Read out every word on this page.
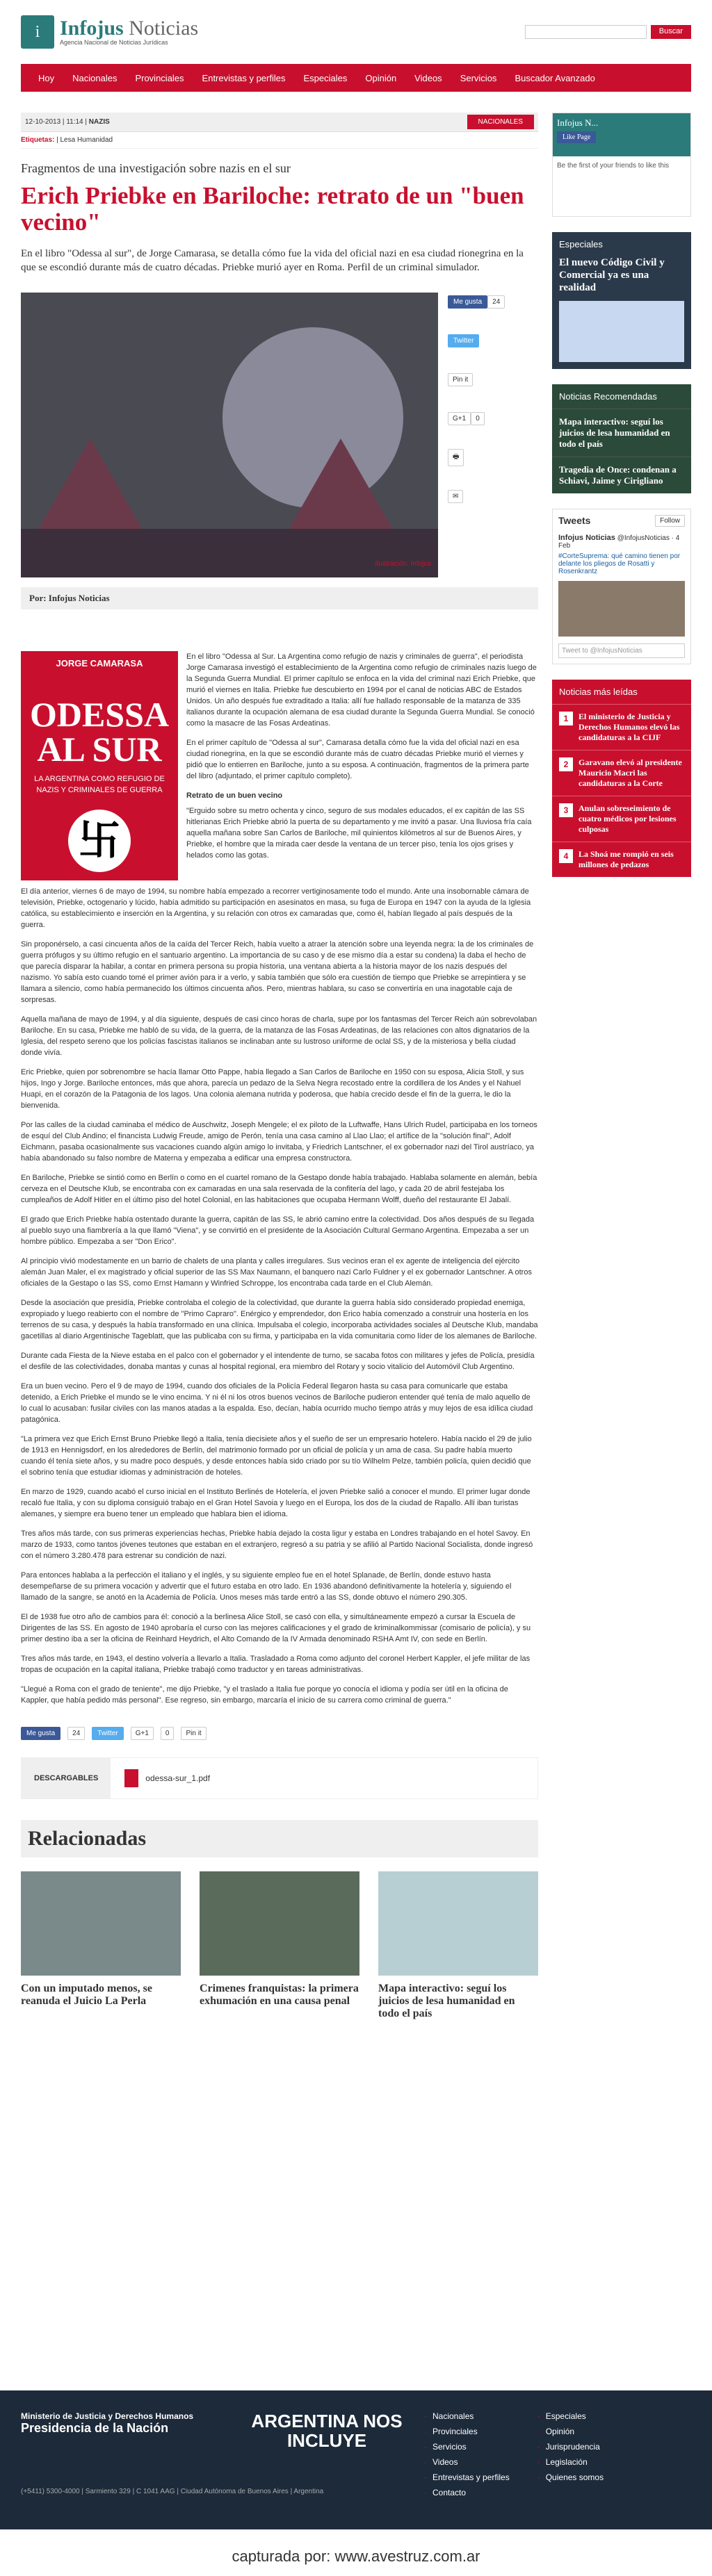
i Infojus Noticias
Agencia Nacional de Noticias Jurídicas
Buscar
Hoy Nacionales Provinciales Entrevistas y perfiles Especiales Opinión Videos Servicios Buscador Avanzado
12-10-2013 | 11:14 | NAZIS	NACIONALES
Etiquetas: | Lesa Humanidad
Fragmentos de una investigación sobre nazis en el sur
Erich Priebke en Bariloche: retrato de un "buen vecino"
En el libro "Odessa al sur", de Jorge Camarasa, se detalla cómo fue la vida del oficial nazi en esa ciudad rionegrina en la que se escondió durante más de cuatro décadas. Priebke murió ayer en Roma. Perfil de un criminal simulador.
Ilustración: Infojus
Me gusta	24
Twitter
Pin it
G+1	0
🖶
✉
Por: Infojus Noticias
JORGE CAMARASA
ODESSA AL SUR
LA ARGENTINA COMO REFUGIO DE NAZIS Y CRIMINALES DE GUERRA
卐

En el libro "Odessa al Sur. La Argentina como refugio de nazis y criminales de guerra", el periodista Jorge Camarasa investigó el establecimiento de la Argentina como refugio de criminales nazis luego de la Segunda Guerra Mundial. El primer capítulo se enfoca en la vida del criminal nazi Erich Priebke, que murió el viernes en Italia. Priebke fue descubierto en 1994 por el canal de noticias ABC de Estados Unidos. Un año después fue extraditado a Italia: allí fue hallado responsable de la matanza de 335 italianos durante la ocupación alemana de esa ciudad durante la Segunda Guerra Mundial. Se conoció como la masacre de las Fosas Ardeatinas.

En el primer capítulo de "Odessa al sur", Camarasa detalla cómo fue la vida del oficial nazi en esa ciudad rionegrina, en la que se escondió durante más de cuatro décadas Priebke murió el viernes y pidió que lo entierren en Bariloche, junto a su esposa. A continuación, fragmentos de la primera parte del libro (adjuntado, el primer capítulo completo).

Retrato de un buen vecino

"Erguido sobre su metro ochenta y cinco, seguro de sus modales educados, el ex capitán de las SS hitlerianas Erich Priebke abrió la puerta de su departamento y me invitó a pasar. Una lluviosa fría caía aquella mañana sobre San Carlos de Bariloche, mil quinientos kilómetros al sur de Buenos Aires, y Priebke, el hombre que la mirada caer desde la ventana de un tercer piso, tenía los ojos grises y helados como las gotas.

El día anterior, viernes 6 de mayo de 1994, su nombre había empezado a recorrer vertiginosamente todo el mundo. Ante una insobornable cámara de televisión, Priebke, octogenario y lúcido, había admitido su participación en asesinatos en masa, su fuga de Europa en 1947 con la ayuda de la Iglesia católica, su establecimiento e inserción en la Argentina, y su relación con otros ex camaradas que, como él, habían llegado al país después de la guerra.

Sin proponérselo, a casi cincuenta años de la caída del Tercer Reich, había vuelto a atraer la atención sobre una leyenda negra: la de los criminales de guerra prófugos y su último refugio en el santuario argentino. La importancia de su caso y de ese mismo día a estar su condena) la daba el hecho de que parecía disparar la habilar, a contar en primera persona su propia historia, una ventana abierta a la historia mayor de los nazis después del nazismo. Yo sabía esto cuando tomé el primer avión para ir a verlo, y sabía también que sólo era cuestión de tiempo que Priebke se arrepintiera y se llamara a silencio, como había permanecido los últimos cincuenta años. Pero, mientras hablara, su caso se convertiría en una inagotable caja de sorpresas.

Aquella mañana de mayo de 1994, y al día siguiente, después de casi cinco horas de charla, supe por los fantasmas del Tercer Reich aún sobrevolaban Bariloche. En su casa, Priebke me habló de su vida, de la guerra, de la matanza de las Fosas Ardeatinas, de las relaciones con altos dignatarios de la Iglesia, del respeto sereno que los policías fascistas italianos se inclinaban ante su lustroso uniforme de oclal SS, y de la misteriosa y bella ciudad donde vivía.

Eric Priebke, quien por sobrenombre se hacía llamar Otto Pappe, había llegado a San Carlos de Bariloche en 1950 con su esposa, Alicia Stoll, y sus hijos, Ingo y Jorge. Bariloche entonces, más que ahora, parecía un pedazo de la Selva Negra recostado entre la cordillera de los Andes y el Nahuel Huapi, en el corazón de la Patagonia de los lagos. Una colonia alemana nutrida y poderosa, que había crecido desde el fin de la guerra, le dio la bienvenida.

Por las calles de la ciudad caminaba el médico de Auschwitz, Joseph Mengele; el ex piloto de la Luftwaffe, Hans Ulrich Rudel, participaba en los torneos de esquí del Club Andino; el financista Ludwig Freude, amigo de Perón, tenía una casa camino al Llao Llao; el artífice de la "solución final", Adolf Eichmann, pasaba ocasionalmente sus vacaciones cuando algún amigo lo invitaba, y Friedrich Lantschner, el ex gobernador nazi del Tirol austríaco, ya había abandonado su falso nombre de Materna y empezaba a edificar una empresa constructora.

En Bariloche, Priebke se sintió como en Berlín o como en el cuartel romano de la Gestapo donde había trabajado. Hablaba solamente en alemán, bebía cerveza en el Deutsche Klub, se encontraba con ex camaradas en una sala reservada de la confitería del lago, y cada 20 de abril festejaba los cumpleaños de Adolf Hitler en el último piso del hotel Colonial, en las habitaciones que ocupaba Hermann Wolff, dueño del restaurante El Jabalí.

El grado que Erich Priebke había ostentado durante la guerra, capitán de las SS, le abrió camino entre la colectividad. Dos años después de su llegada al pueblo suyo una fiambrería a la que llamó "Viena", y se convirtió en el presidente de la Asociación Cultural Germano Argentina. Empezaba a ser un hombre público. Empezaba a ser "Don Erico".

Al principio vivió modestamente en un barrio de chalets de una planta y calles irregulares. Sus vecinos eran el ex agente de inteligencia del ejército alemán Juan Maler, el ex magistrado y oficial superior de las SS Max Naumann, el banquero nazi Carlo Fuldner y el ex gobernador Lantschner. A otros oficiales de la Gestapo o las SS, como Ernst Hamann y Winfried Schroppe, los encontraba cada tarde en el Club Alemán.

Desde la asociación que presidía, Priebke controlaba el colegio de la colectividad, que durante la guerra había sido considerado propiedad enemiga, expropiado y luego reabierto con el nombre de "Primo Capraro". Enérgico y emprendedor, don Erico había comenzado a construir una hostería en los terrenos de su casa, y después la había transformado en una clínica. Impulsaba el colegio, incorporaba actividades sociales al Deutsche Klub, mandaba gacetillas al diario Argentinische Tageblatt, que las publicaba con su firma, y participaba en la vida comunitaria como líder de los alemanes de Bariloche.

Durante cada Fiesta de la Nieve estaba en el palco con el gobernador y el intendente de turno, se sacaba fotos con militares y jefes de Policía, presidía el desfile de las colectividades, donaba mantas y cunas al hospital regional, era miembro del Rotary y socio vitalicio del Automóvil Club Argentino.

Era un buen vecino. Pero el 9 de mayo de 1994, cuando dos oficiales de la Policía Federal llegaron hasta su casa para comunicarle que estaba detenido, a Erich Priebke el mundo se le vino encima. Y ni él ni los otros buenos vecinos de Bariloche pudieron entender qué tenía de malo aquello de lo cual lo acusaban: fusilar civiles con las manos atadas a la espalda. Eso, decían, había ocurrido mucho tiempo atrás y muy lejos de esa idílica ciudad patagónica.

"La primera vez que Erich Ernst Bruno Priebke llegó a Italia, tenía diecisiete años y el sueño de ser un empresario hotelero. Había nacido el 29 de julio de 1913 en Hennigsdorf, en los alrededores de Berlín, del matrimonio formado por un oficial de policía y un ama de casa. Su padre había muerto cuando él tenía siete años, y su madre poco después, y desde entonces había sido criado por su tío Wilhelm Pelze, también policía, quien decidió que el sobrino tenía que estudiar idiomas y administración de hoteles.

En marzo de 1929, cuando acabó el curso inicial en el Instituto Berlinés de Hotelería, el joven Priebke salió a conocer el mundo. El primer lugar donde recaló fue Italia, y con su diploma consiguió trabajo en el Gran Hotel Savoia y luego en el Europa, los dos de la ciudad de Rapallo. Allí iban turistas alemanes, y siempre era bueno tener un empleado que hablara bien el idioma.

Tres años más tarde, con sus primeras experiencias hechas, Priebke había dejado la costa ligur y estaba en Londres trabajando en el hotel Savoy. En marzo de 1933, como tantos jóvenes teutones que estaban en el extranjero, regresó a su patria y se afilió al Partido Nacional Socialista, donde ingresó con el número 3.280.478 para estrenar su condición de nazi.

Para entonces hablaba a la perfección el italiano y el inglés, y su siguiente empleo fue en el hotel Splanade, de Berlín, donde estuvo hasta desempeñarse de su primera vocación y advertir que el futuro estaba en otro lado. En 1936 abandonó definitivamente la hotelería y, siguiendo el llamado de la sangre, se anotó en la Academia de Policía. Unos meses más tarde entró a las SS, donde obtuvo el número 290.305.

El de 1938 fue otro año de cambios para él: conoció a la berlinesa Alice Stoll, se casó con ella, y simultáneamente empezó a cursar la Escuela de Dirigentes de las SS. En agosto de 1940 aprobaría el curso con las mejores calificaciones y el grado de kriminalkommissar (comisario de policía), y su primer destino iba a ser la oficina de Reinhard Heydrich, el Alto Comando de la IV Armada denominado RSHA Amt IV, con sede en Berlín.

Tres años más tarde, en 1943, el destino volvería a llevarlo a Italia. Trasladado a Roma como adjunto del coronel Herbert Kappler, el jefe militar de las tropas de ocupación en la capital italiana, Priebke trabajó como traductor y en tareas administrativas.

"Llegué a Roma con el grado de teniente", me dijo Priebke, "y el traslado a Italia fue porque yo conocía el idioma y podía ser útil en la oficina de Kappler, que había pedido más personal". Ese regreso, sin embargo, marcaría el inicio de su carrera como criminal de guerra."

Me gusta	24	Twitter	G+1	0	Pin it
DESCARGABLES	odessa-sur_1.pdf
Relacionadas
Con un imputado menos, se reanuda el Juicio La Perla
Crimenes franquistas: la primera exhumación en una causa penal
Mapa interactivo: seguí los juicios de lesa humanidad en todo el país
Infojus N...
Like Page
Be the first of your friends to like this
Especiales
El nuevo Código Civil y Comercial ya es una realidad
Noticias Recomendadas
Mapa interactivo: seguí los juicios de lesa humanidad en todo el país
Tragedia de Once: condenan a Schiavi, Jaime y Cirigliano
Tweets	Follow
Infojus Noticias @InfojusNoticias · 4 Feb
#CorteSuprema: qué camino tienen por delante los pliegos de Rosatti y Rosenkrantz
Tweet to @InfojusNoticias
Noticias más leídas
1	El ministerio de Justicia y Derechos Humanos elevó las candidaturas a la CIJF
2	Garavano elevó al presidente Mauricio Macri las candidaturas a la Corte
3	Anulan sobreseimiento de cuatro médicos por lesiones culposas
4	La Shoá me rompió en seis millones de pedazos
Ministerio de Justicia y Derechos Humanos
Presidencia de la Nación	ARGENTINA NOS INCLUYE
· Nacionales
· Provinciales
· Servicios
· Videos
· Entrevistas y perfiles
· Contacto
· Especiales
· Opinión
· Jurisprudencia
· Legislación
· Quienes somos
(+5411) 5300-4000 | Sarmiento 329 | C 1041 AAG | Ciudad Autónoma de Buenos Aires | Argentina
capturada por: www.avestruz.com.ar
